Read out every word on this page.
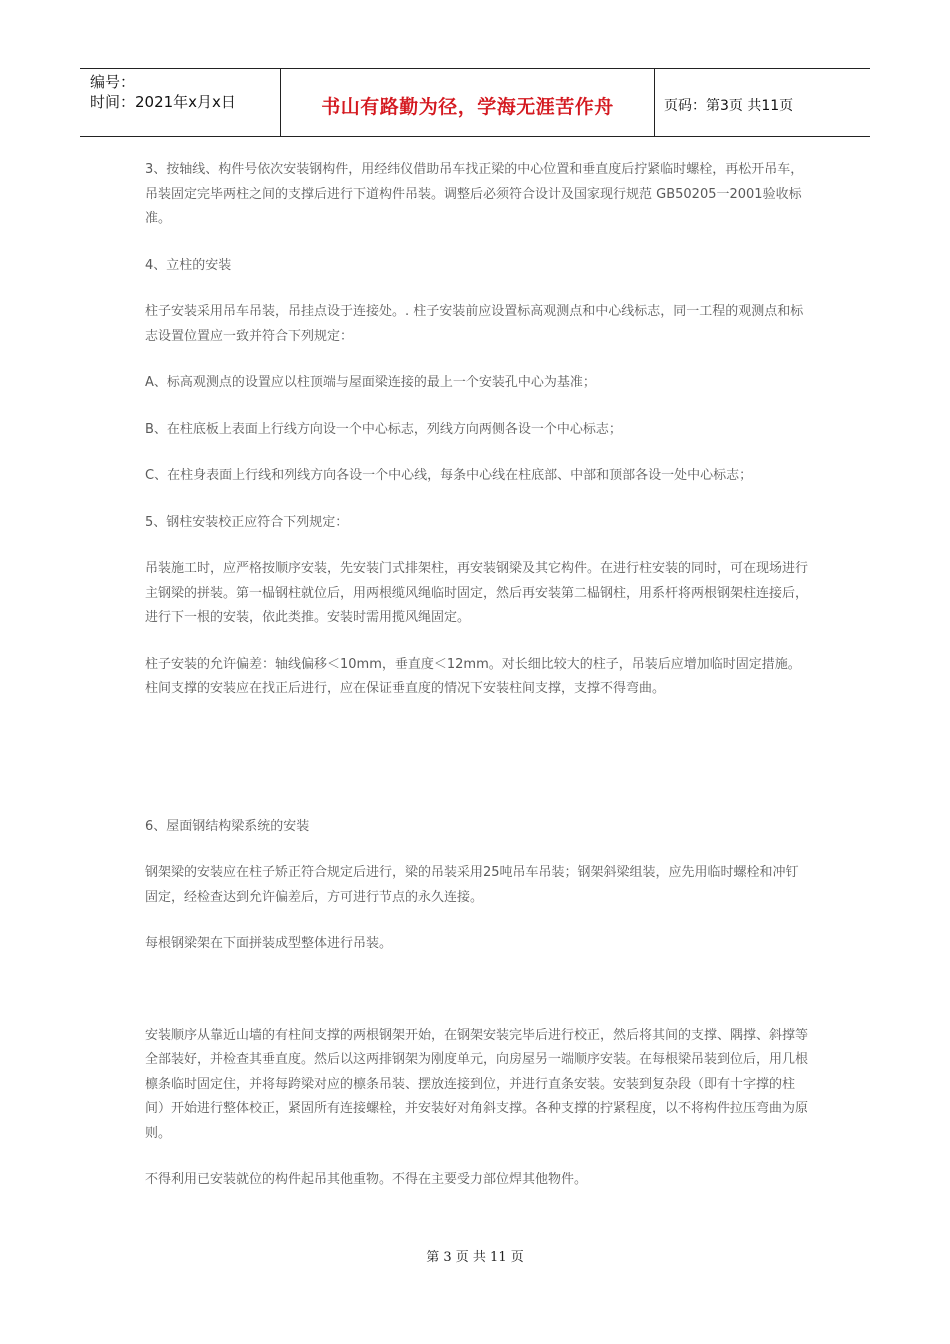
编号：
时间：2021年x月x日	书山有路勤为径，学海无涯苦作舟	页码：第3页 共11页

3、按轴线、构件号依次安装钢构件，用经纬仪借助吊车找正梁的中心位置和垂直度后拧紧临时螺栓，再松开吊车，吊装固定完毕两柱之间的支撑后进行下道构件吊装。调整后必须符合设计及国家现行规范 GB50205一2001验收标准。

4、立柱的安装

柱子安装采用吊车吊装，吊挂点设于连接处。. 柱子安装前应设置标高观测点和中心线标志，同一工程的观测点和标志设置位置应一致并符合下列规定：

A、标高观测点的设置应以柱顶端与屋面梁连接的最上一个安装孔中心为基准；

B、在柱底板上表面上行线方向设一个中心标志，列线方向两侧各设一个中心标志；

C、在柱身表面上行线和列线方向各设一个中心线，每条中心线在柱底部、中部和顶部各设一处中心标志；

5、钢柱安装校正应符合下列规定：

吊装施工时，应严格按顺序安装，先安装门式排架柱，再安装钢梁及其它构件。在进行柱安装的同时，可在现场进行主钢梁的拼装。第一榀钢柱就位后，用两根缆风绳临时固定，然后再安装第二榀钢柱，用系杆将两根钢架柱连接后，进行下一根的安装，依此类推。安装时需用揽风绳固定。

柱子安装的允许偏差：轴线偏移＜10mm，垂直度＜12mm。对长细比较大的柱子，吊装后应增加临时固定措施。柱间支撑的安装应在找正后进行，应在保证垂直度的情况下安装柱间支撑，支撑不得弯曲。

6、屋面钢结构梁系统的安装

钢架梁的安装应在柱子矫正符合规定后进行，梁的吊装采用25吨吊车吊装；钢架斜梁组装，应先用临时螺栓和冲钉固定，经检查达到允许偏差后，方可进行节点的永久连接。

每根钢梁架在下面拼装成型整体进行吊装。

安装顺序从靠近山墙的有柱间支撑的两根钢架开始，在钢架安装完毕后进行校正，然后将其间的支撑、隅撑、斜撑等全部装好，并检查其垂直度。然后以这两排钢架为刚度单元，向房屋另一端顺序安装。在每根梁吊装到位后，用几根檩条临时固定住，并将每跨梁对应的檩条吊装、摆放连接到位，并进行直条安装。安装到复杂段（即有十字撑的柱间）开始进行整体校正，紧固所有连接螺栓，并安装好对角斜支撑。各种支撑的拧紧程度，以不将构件拉压弯曲为原则。

不得利用已安装就位的构件起吊其他重物。不得在主要受力部位焊其他物件。

第 3 页 共 11 页
